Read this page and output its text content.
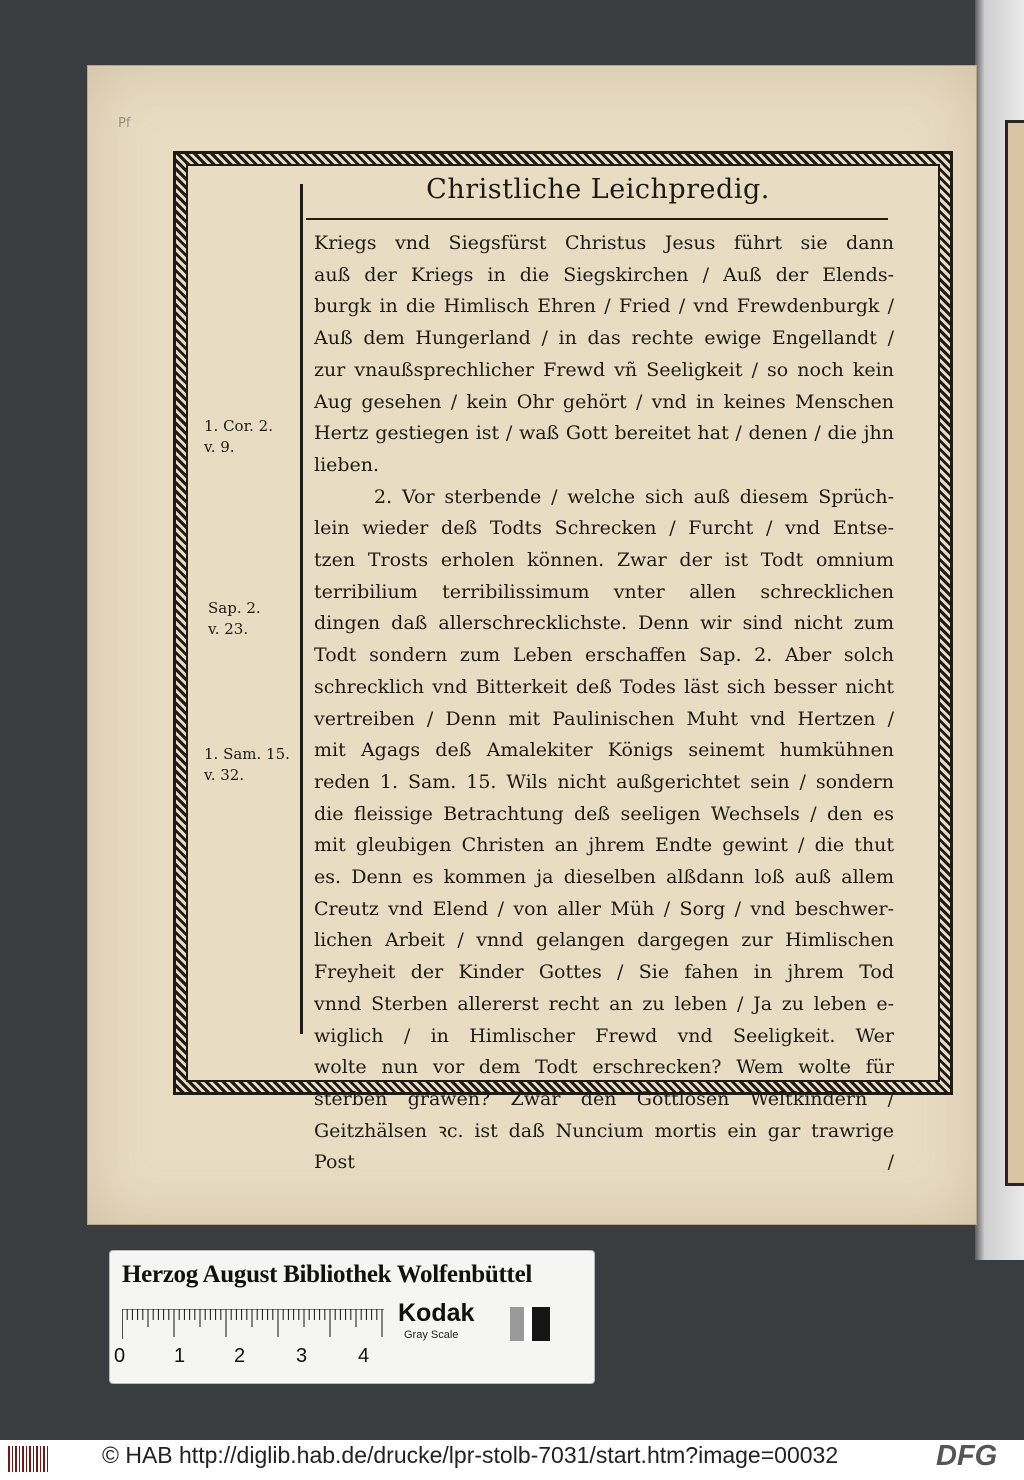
Pf
Christliche Leichpredig.
Kriegs vnd Siegsfürst Christus Jesus führt sie dann
auß der Kriegs in die Siegskirchen / Auß der Elends-
burgk in die Himlisch Ehren / Fried / vnd Frewdenburgk /
Auß dem Hungerland / in das rechte ewige Engellandt /
zur vnaußsprechlicher Frewd vñ Seeligkeit / so noch kein
Aug gesehen / kein Ohr gehört / vnd in keines Menschen
Hertz gestiegen ist / waß Gott bereitet hat / denen / die jhn
lieben.
2. Vor sterbende / welche sich auß diesem Sprüch-
lein wieder deß Todts Schrecken / Furcht / vnd Entse-
tzen Trosts erholen können. Zwar der ist Todt omnium
terribilium terribilissimum vnter allen schrecklichen
dingen daß allerschrecklichste. Denn wir sind nicht zum
Todt sondern zum Leben erschaffen Sap. 2. Aber solch
schrecklich vnd Bitterkeit deß Todes läst sich besser nicht
vertreiben / Denn mit Paulinischen Muht vnd Hertzen /
mit Agags deß Amalekiter Königs seinemt humkühnen
reden 1. Sam. 15. Wils nicht außgerichtet sein / sondern
die fleissige Betrachtung deß seeligen Wechsels / den es
mit gleubigen Christen an jhrem Endte gewint / die thut
es. Denn es kommen ja dieselben alßdann loß auß allem
Creutz vnd Elend / von aller Müh / Sorg / vnd beschwer-
lichen Arbeit / vnnd gelangen dargegen zur Himlischen
Freyheit der Kinder Gottes / Sie fahen in jhrem Tod
vnnd Sterben allererst recht an zu leben / Ja zu leben e-
wiglich / in Himlischer Frewd vnd Seeligkeit. Wer
wolte nun vor dem Todt erschrecken? Wem wolte für
sterben grawen? Zwar den Gottlosen Weltkindern /
Geitzhälsen ꝛc. ist daß Nuncium mortis ein gar trawrige
Post /
1. Cor. 2.
v. 9.
Sap. 2.
v. 23.
1. Sam. 15.
v. 32.
Herzog August Bibliothek Wolfenbüttel
0 1 2	3	4
Kodak
Gray Scale
© HAB http://diglib.hab.de/drucke/lpr-stolb-7031/start.htm?image=00032	DFG
